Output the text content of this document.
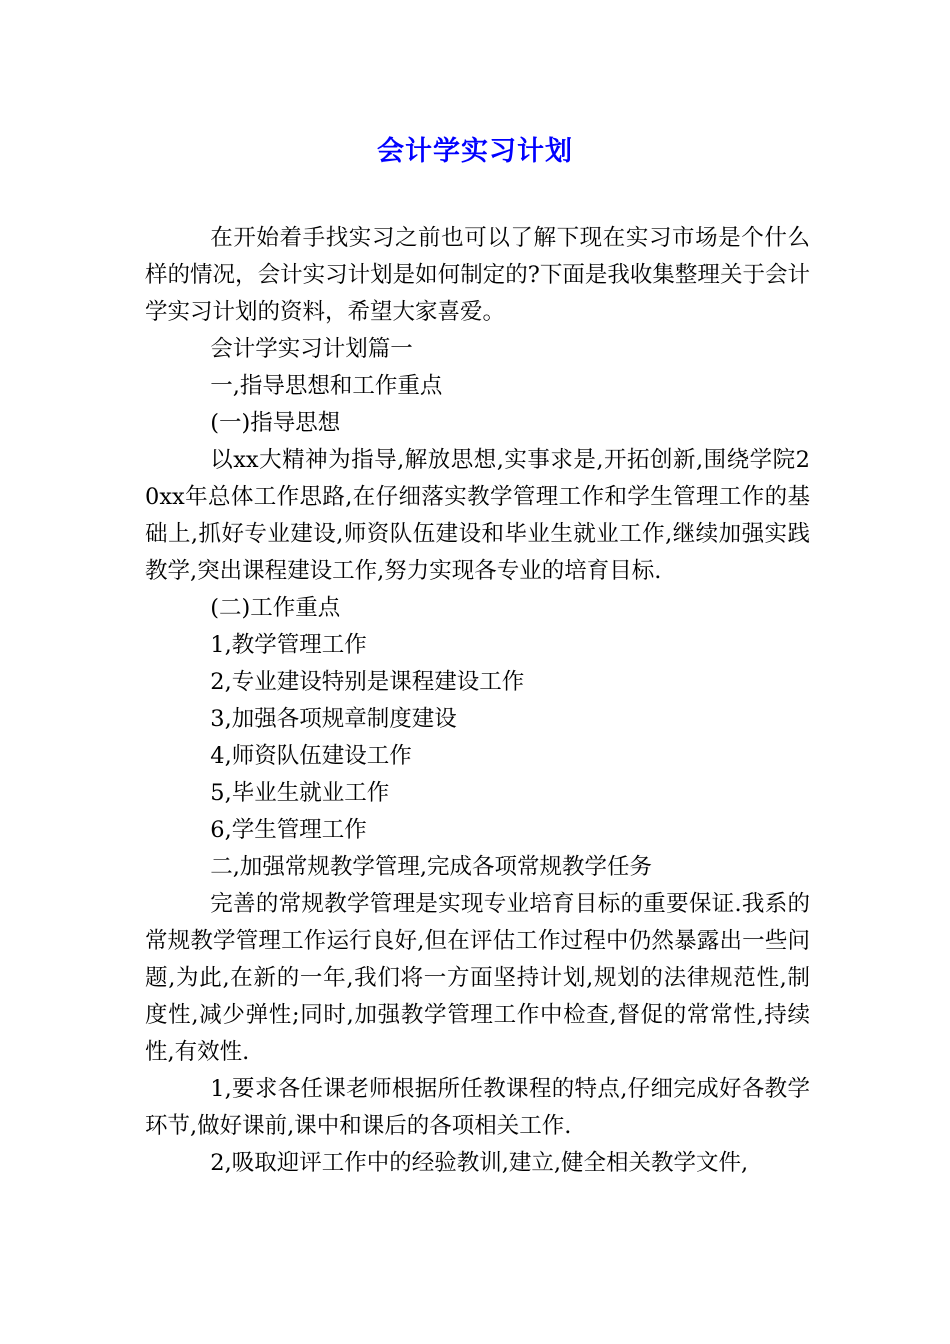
会计学实习计划

在开始着手找实习之前也可以了解下现在实习市场是个什么样的情况，会计实习计划是如何制定的?下面是我收集整理关于会计学实习计划的资料，希望大家喜爱。

会计学实习计划篇一

一,指导思想和工作重点

(一)指导思想

以xx大精神为指导,解放思想,实事求是,开拓创新,围绕学院20xx年总体工作思路,在仔细落实教学管理工作和学生管理工作的基础上,抓好专业建设,师资队伍建设和毕业生就业工作,继续加强实践教学,突出课程建设工作,努力实现各专业的培育目标.

(二)工作重点

1,教学管理工作

2,专业建设特别是课程建设工作

3,加强各项规章制度建设

4,师资队伍建设工作

5,毕业生就业工作

6,学生管理工作

二,加强常规教学管理,完成各项常规教学任务

完善的常规教学管理是实现专业培育目标的重要保证.我系的常规教学管理工作运行良好,但在评估工作过程中仍然暴露出一些问题,为此,在新的一年,我们将一方面坚持计划,规划的法律规范性,制度性,减少弹性;同时,加强教学管理工作中检查,督促的常常性,持续性,有效性.

1,要求各任课老师根据所任教课程的特点,仔细完成好各教学环节,做好课前,课中和课后的各项相关工作.

2,吸取迎评工作中的经验教训,建立,健全相关教学文件,
